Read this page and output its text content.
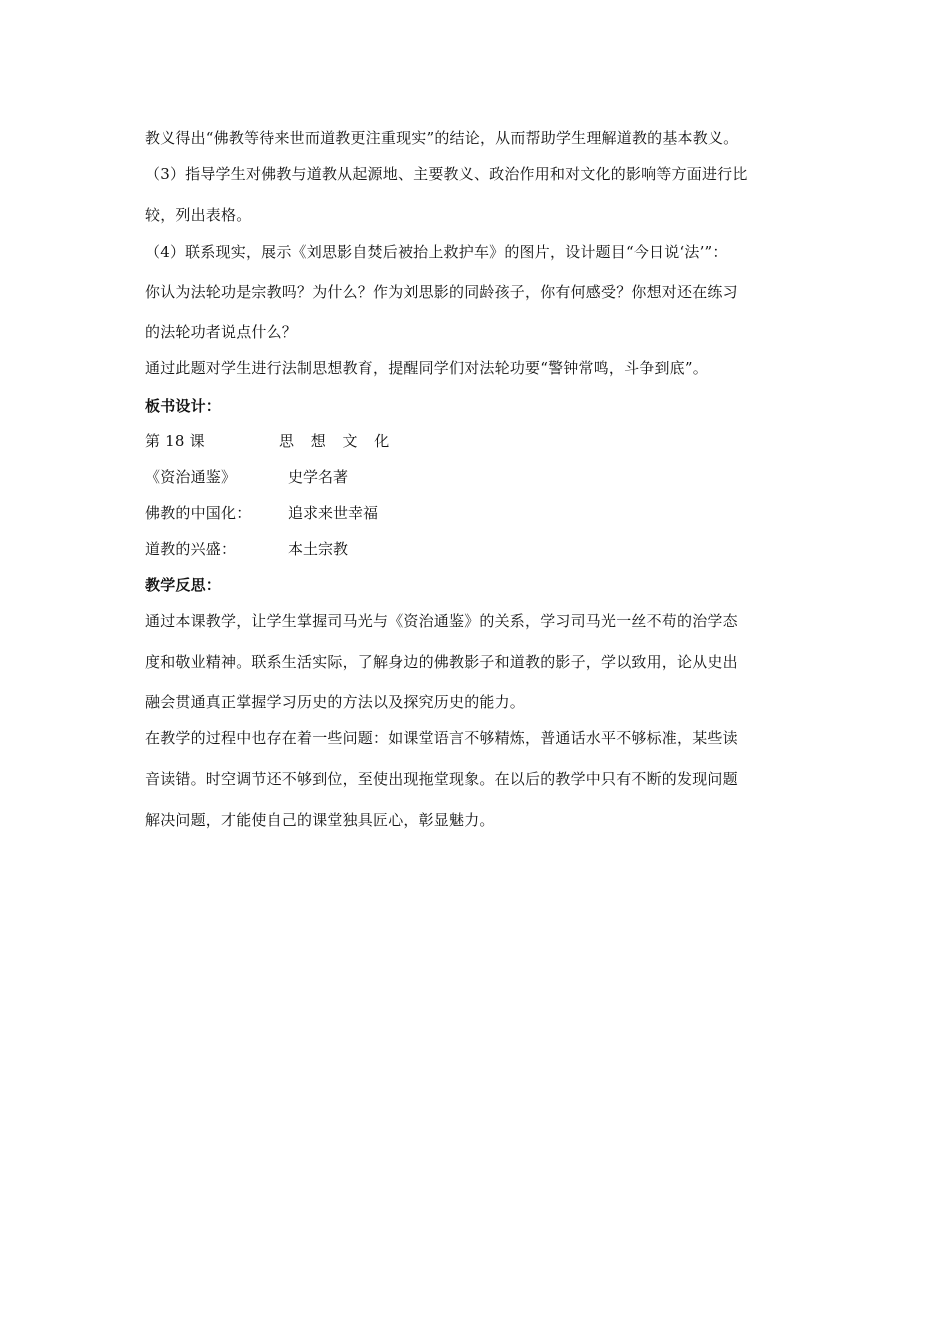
教义得出“佛教等待来世而道教更注重现实”的结论，从而帮助学生理解道教的基本教义。
（3）指导学生对佛教与道教从起源地、主要教义、政治作用和对文化的影响等方面进行比
较，列出表格。
（4）联系现实，展示《刘思影自焚后被抬上救护车》的图片，设计题目“今日说‘法’”：
你认为法轮功是宗教吗？为什么？作为刘思影的同龄孩子，你有何感受？你想对还在练习
的法轮功者说点什么？
通过此题对学生进行法制思想教育，提醒同学们对法轮功要“警钟常鸣，斗争到底”。
板书设计：
第 18 课	思 想 文 化
《资治通鉴》	史学名著
佛教的中国化： 追求来世幸福
道教的兴盛：	本土宗教
教学反思：
通过本课教学，让学生掌握司马光与《资治通鉴》的关系，学习司马光一丝不苟的治学态
度和敬业精神。联系生活实际，了解身边的佛教影子和道教的影子，学以致用，论从史出
融会贯通真正掌握学习历史的方法以及探究历史的能力。
在教学的过程中也存在着一些问题：如课堂语言不够精炼，普通话水平不够标准，某些读
音读错。时空调节还不够到位，至使出现拖堂现象。在以后的教学中只有不断的发现问题
解决问题，才能使自己的课堂独具匠心，彰显魅力。
